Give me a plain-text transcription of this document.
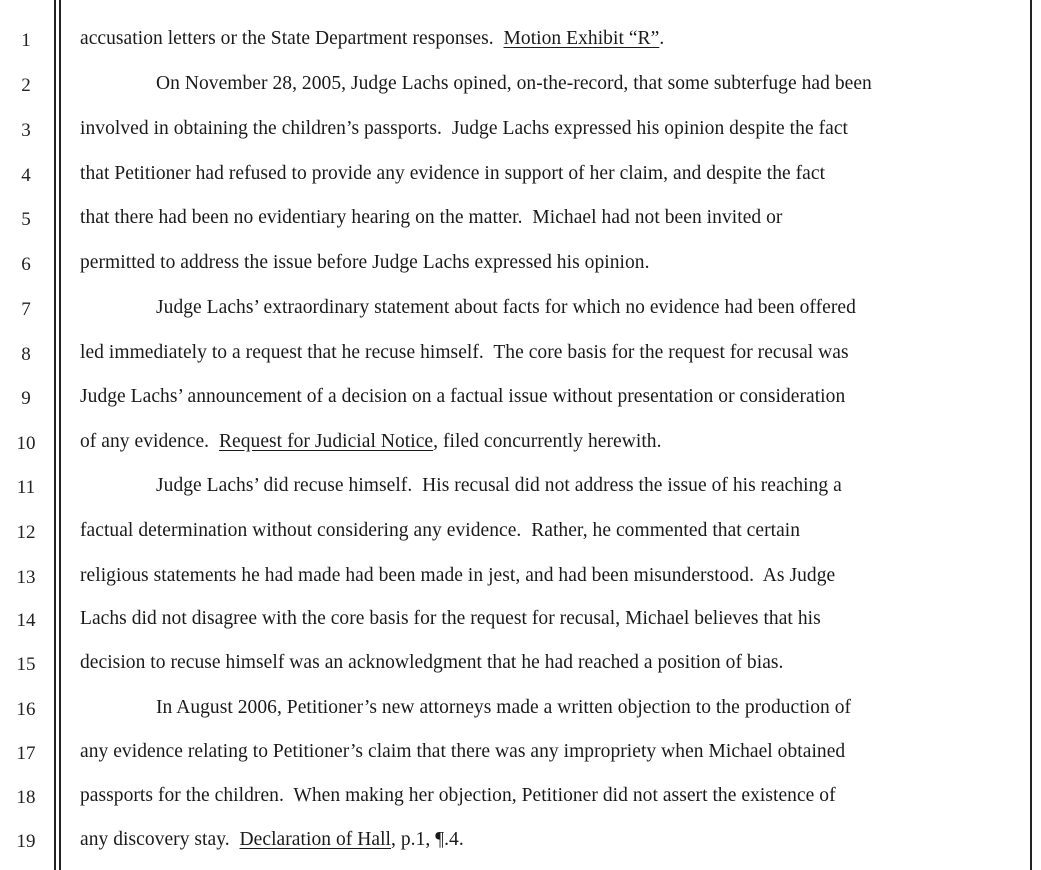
1	accusation letters or the State Department responses.  Motion Exhibit “R”.
2	On November 28, 2005, Judge Lachs opined, on-the-record, that some subterfuge had been
3	involved in obtaining the children’s passports.  Judge Lachs expressed his opinion despite the fact
4	that Petitioner had refused to provide any evidence in support of her claim, and despite the fact
5	that there had been no evidentiary hearing on the matter.  Michael had not been invited or
6	permitted to address the issue before Judge Lachs expressed his opinion.
7	Judge Lachs’ extraordinary statement about facts for which no evidence had been offered
8	led immediately to a request that he recuse himself.  The core basis for the request for recusal was
9	Judge Lachs’ announcement of a decision on a factual issue without presentation or consideration
10	of any evidence.  Request for Judicial Notice, filed concurrently herewith.
11	Judge Lachs’ did recuse himself.  His recusal did not address the issue of his reaching a
12	factual determination without considering any evidence.  Rather, he commented that certain
13	religious statements he had made had been made in jest, and had been misunderstood.  As Judge
14	Lachs did not disagree with the core basis for the request for recusal, Michael believes that his
15	decision to recuse himself was an acknowledgment that he had reached a position of bias.
16	In August 2006, Petitioner’s new attorneys made a written objection to the production of
17	any evidence relating to Petitioner’s claim that there was any impropriety when Michael obtained
18	passports for the children.  When making her objection, Petitioner did not assert the existence of
19	any discovery stay.  Declaration of Hall, p.1, ¶.4.
